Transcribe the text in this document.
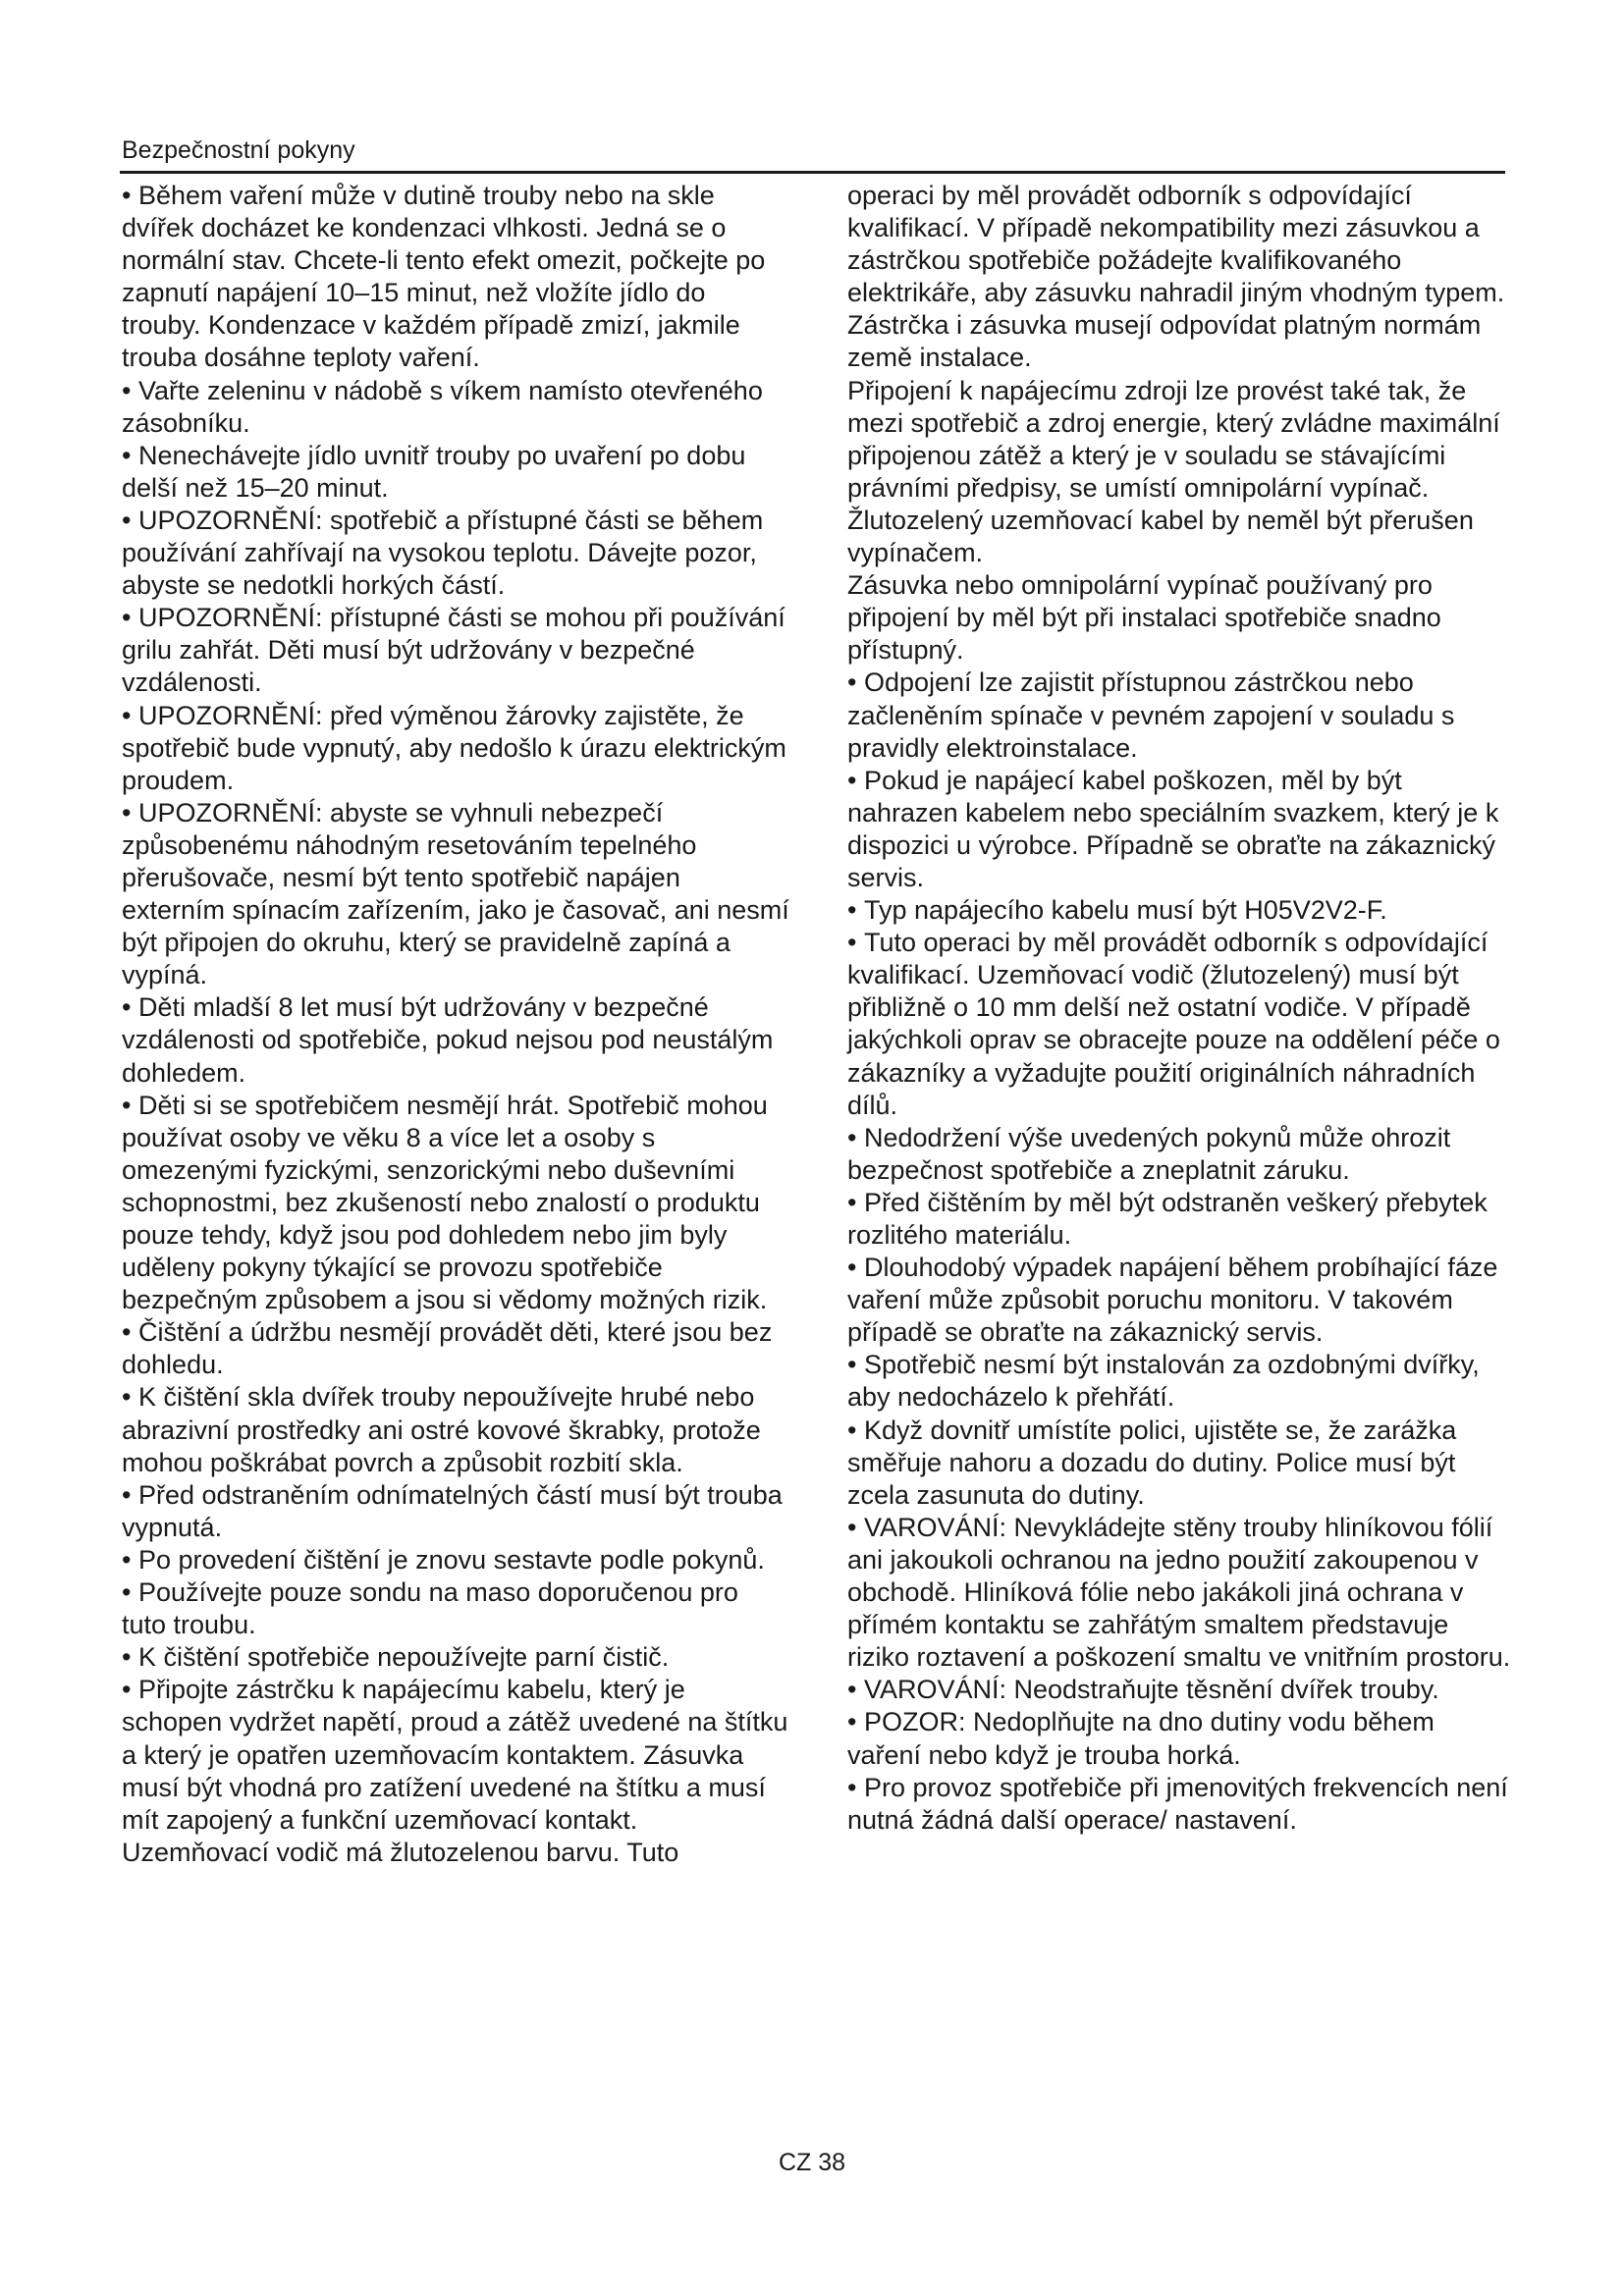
Bezpečnostní pokyny

• Během vaření může v dutině trouby nebo na skle dvířek docházet ke kondenzaci vlhkosti. Jedná se o normální stav. Chcete-li tento efekt omezit, počkejte po zapnutí napájení 10–15 minut, než vložíte jídlo do trouby. Kondenzace v každém případě zmizí, jakmile trouba dosáhne teploty vaření.

• Vařte zeleninu v nádobě s víkem namísto otevřeného zásobníku.

• Nenechávejte jídlo uvnitř trouby po uvaření po dobu delší než 15–20 minut.

• UPOZORNĚNÍ: spotřebič a přístupné části se během používání zahřívají na vysokou teplotu. Dávejte pozor, abyste se nedotkli horkých částí.

• UPOZORNĚNÍ: přístupné části se mohou při používání grilu zahřát. Děti musí být udržovány v bezpečné vzdálenosti.

• UPOZORNĚNÍ: před výměnou žárovky zajistěte, že spotřebič bude vypnutý, aby nedošlo k úrazu elektrickým proudem.

• UPOZORNĚNÍ: abyste se vyhnuli nebezpečí způsobenému náhodným resetováním tepelného přerušovače, nesmí být tento spotřebič napájen externím spínacím zařízením, jako je časovač, ani nesmí být připojen do okruhu, který se pravidelně zapíná a vypíná.

• Děti mladší 8 let musí být udržovány v bezpečné vzdálenosti od spotřebiče, pokud nejsou pod neustálým dohledem.

• Děti si se spotřebičem nesmějí hrát. Spotřebič mohou používat osoby ve věku 8 a více let a osoby s omezenými fyzickými, senzorickými nebo duševními schopnostmi, bez zkušeností nebo znalostí o produktu pouze tehdy, když jsou pod dohledem nebo jim byly uděleny pokyny týkající se provozu spotřebiče bezpečným způsobem a jsou si vědomy možných rizik.

• Čištění a údržbu nesmějí provádět děti, které jsou bez dohledu.

• K čištění skla dvířek trouby nepoužívejte hrubé nebo abrazivní prostředky ani ostré kovové škrabky, protože mohou poškrábat povrch a způsobit rozbití skla.

• Před odstraněním odnímatelných částí musí být trouba vypnutá.

• Po provedení čištění je znovu sestavte podle pokynů.

• Používejte pouze sondu na maso doporučenou pro tuto troubu.

• K čištění spotřebiče nepoužívejte parní čistič.

• Připojte zástrčku k napájecímu kabelu, který je schopen vydržet napětí, proud a zátěž uvedené na štítku a který je opatřen uzemňovacím kontaktem. Zásuvka musí být vhodná pro zatížení uvedené na štítku a musí mít zapojený a funkční uzemňovací kontakt.

Uzemňovací vodič má žlutozelenou barvu. Tuto

operaci by měl provádět odborník s odpovídající kvalifikací. V případě nekompatibility mezi zásuvkou a zástrčkou spotřebiče požádejte kvalifikovaného elektrikáře, aby zásuvku nahradil jiným vhodným typem. Zástrčka i zásuvka musejí odpovídat platným normám země instalace.

Připojení k napájecímu zdroji lze provést také tak, že mezi spotřebič a zdroj energie, který zvládne maximální připojenou zátěž a který je v souladu se stávajícími právními předpisy, se umístí omnipolární vypínač. Žlutozelený uzemňovací kabel by neměl být přerušen vypínačem.

Zásuvka nebo omnipolární vypínač používaný pro připojení by měl být při instalaci spotřebiče snadno přístupný.

• Odpojení lze zajistit přístupnou zástrčkou nebo začleněním spínače v pevném zapojení v souladu s pravidly elektroinstalace.

• Pokud je napájecí kabel poškozen, měl by být nahrazen kabelem nebo speciálním svazkem, který je k dispozici u výrobce. Případně se obraťte na zákaznický servis.

• Typ napájecího kabelu musí být H05V2V2-F.

• Tuto operaci by měl provádět odborník s odpovídající kvalifikací. Uzemňovací vodič (žlutozelený) musí být přibližně o 10 mm delší než ostatní vodiče. V případě jakýchkoli oprav se obracejte pouze na oddělení péče o zákazníky a vyžadujte použití originálních náhradních dílů.

• Nedodržení výše uvedených pokynů může ohrozit bezpečnost spotřebiče a zneplatnit záruku.

• Před čištěním by měl být odstraněn veškerý přebytek rozlitého materiálu.

• Dlouhodobý výpadek napájení během probíhající fáze vaření může způsobit poruchu monitoru. V takovém případě se obraťte na zákaznický servis.

• Spotřebič nesmí být instalován za ozdobnými dvířky, aby nedocházelo k přehřátí.

• Když dovnitř umístíte polici, ujistěte se, že zarážka směřuje nahoru a dozadu do dutiny. Police musí být zcela zasunuta do dutiny.

• VAROVÁNÍ: Nevykládejte stěny trouby hliníkovou fólií ani jakoukoli ochranou na jedno použití zakoupenou v obchodě. Hliníková fólie nebo jakákoli jiná ochrana v přímém kontaktu se zahřátým smaltem představuje riziko roztavení a poškození smaltu ve vnitřním prostoru.

• VAROVÁNÍ: Neodstraňujte těsnění dvířek trouby.

• POZOR: Nedoplňujte na dno dutiny vodu během vaření nebo když je trouba horká.

• Pro provoz spotřebiče při jmenovitých frekvencích není nutná žádná další operace/ nastavení.

CZ 38
